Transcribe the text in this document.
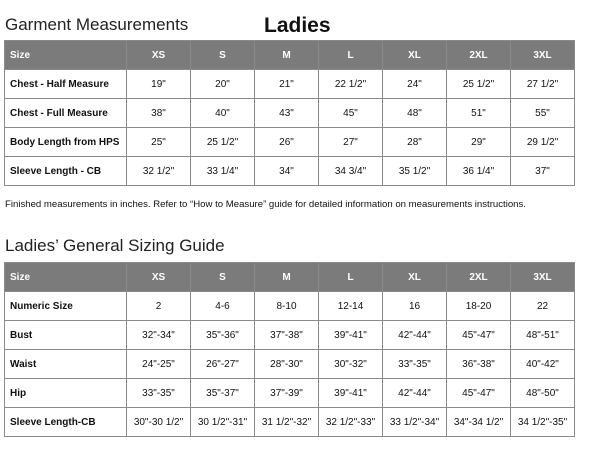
Garment Measurements	Ladies
Size	XS	S	M	L	XL	2XL	3XL
Chest - Half Measure	19"	20"	21"	22 1/2"	24"	25 1/2"	27 1/2"
Chest - Full Measure	38"	40"	43"	45"	48"	51"	55"
Body Length from HPS	25"	25 1/2"	26"	27"	28"	29"	29 1/2"
Sleeve Length - CB	32 1/2"	33 1/4"	34"	34 3/4"	35 1/2"	36 1/4"	37"
Finished measurements in inches. Refer to “How to Measure” guide for detailed information on measurements instructions.
Ladies’ General Sizing Guide
Size	XS	S	M	L	XL	2XL	3XL
Numeric Size	2	4-6	8-10	12-14	16	18-20	22
Bust	32"-34"	35"-36"	37"-38"	39"-41"	42"-44"	45"-47"	48"-51"
Waist	24"-25"	26"-27"	28"-30"	30"-32"	33"-35"	36"-38"	40"-42"
Hip	33"-35"	35"-37"	37"-39"	39"-41"	42"-44"	45"-47"	48"-50"
Sleeve Length-CB	30"-30 1/2"	30 1/2"-31"	31 1/2"-32"	32 1/2"-33"	33 1/2"-34"	34"-34 1/2"	34 1/2"-35"
